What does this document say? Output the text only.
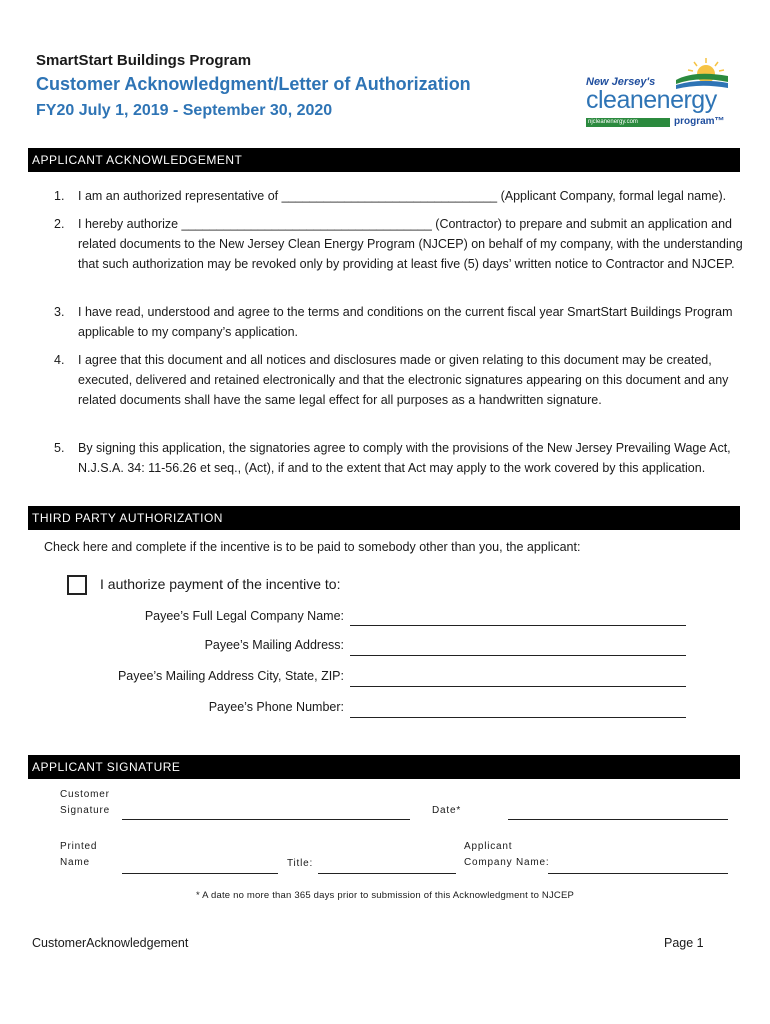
SmartStart Buildings Program
Customer Acknowledgment/Letter of Authorization
FY20 July 1, 2019 - September 30, 2020
New Jersey's
cleanenergy
njcleanenergy.com	program™
APPLICANT ACKNOWLEDGEMENT
1. I am an authorized representative of _______________________________ (Applicant Company, formal legal name).
2. I hereby authorize ____________________________________ (Contractor) to prepare and submit an application and related documents to the New Jersey Clean Energy Program (NJCEP) on behalf of my company, with the understanding that such authorization may be revoked only by providing at least five (5) days’ written notice to Contractor and NJCEP.
3. I have read, understood and agree to the terms and conditions on the current fiscal year SmartStart Buildings Program applicable to my company’s application.
4. I agree that this document and all notices and disclosures made or given relating to this document may be created, executed, delivered and retained electronically and that the electronic signatures appearing on this document and any related documents shall have the same legal effect for all purposes as a handwritten signature.
5. By signing this application, the signatories agree to comply with the provisions of the New Jersey Prevailing Wage Act, N.J.S.A. 34: 11-56.26 et seq., (Act), if and to the extent that Act may apply to the work covered by this application.
THIRD PARTY AUTHORIZATION
Check here and complete if the incentive is to be paid to somebody other than you, the applicant:
I authorize payment of the incentive to:
Payee’s Full Legal Company Name:
Payee’s Mailing Address:
Payee’s Mailing Address City, State, ZIP:
Payee’s Phone Number:
APPLICANT SIGNATURE
Customer
Signature	Date*
Printed
Name	Title:
Applicant
Company Name:
* A date no more than 365 days prior to submission of this Acknowledgment to NJCEP
CustomerAcknowledgement	Page 1
